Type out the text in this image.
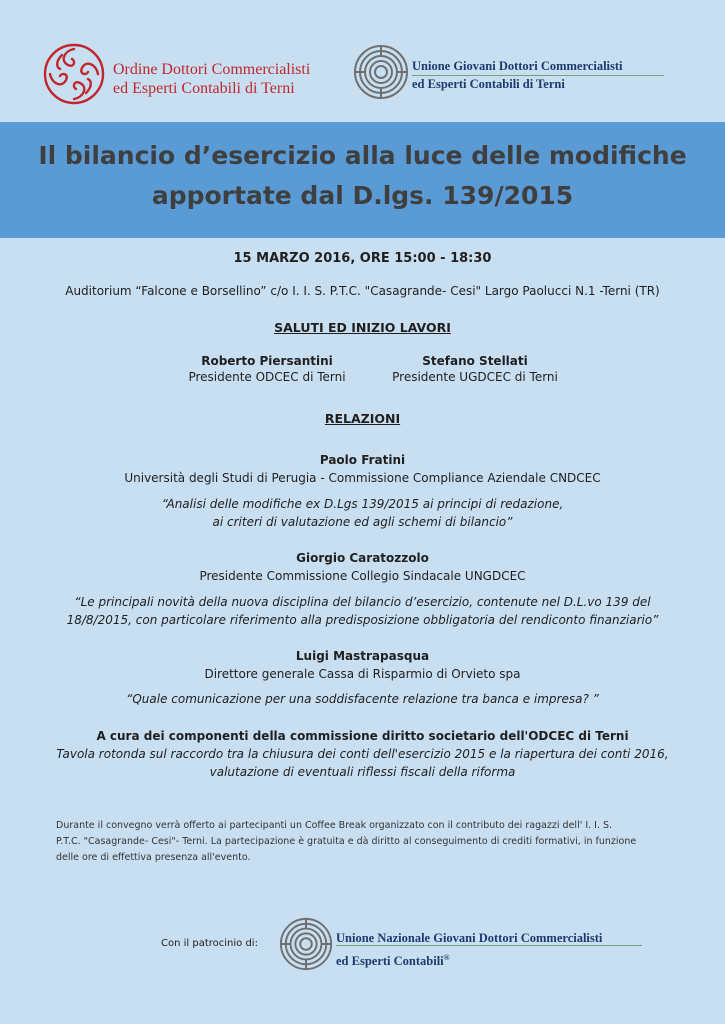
Ordine Dottori Commercialisti
ed Esperti Contabili di Terni
Unione Giovani Dottori Commercialisti
ed Esperti Contabili di Terni
Il bilancio d’esercizio alla luce delle modifiche
apportate dal D.lgs. 139/2015
15 MARZO 2016, ORE 15:00 - 18:30
Auditorium “Falcone e Borsellino” c/o I. I. S. P.T.C. "Casagrande- Cesi" Largo Paolucci N.1 -Terni (TR)
SALUTI ED INIZIO LAVORI
Roberto Piersantini
Presidente ODCEC di Terni
Stefano Stellati
Presidente UGDCEC di Terni
RELAZIONI
Paolo Fratini
Università degli Studi di Perugia - Commissione Compliance Aziendale CNDCEC
“Analisi delle modifiche ex D.Lgs 139/2015 ai principi di redazione,
ai criteri di valutazione ed agli schemi di bilancio”
Giorgio Caratozzolo
Presidente Commissione Collegio Sindacale UNGDCEC
“Le principali novità della nuova disciplina del bilancio d’esercizio, contenute nel D.L.vo 139 del
18/8/2015, con particolare riferimento alla predisposizione obbligatoria del rendiconto finanziario”
Luigi Mastrapasqua
Direttore generale Cassa di Risparmio di Orvieto spa
“Quale comunicazione per una soddisfacente relazione tra banca e impresa? ”
A cura dei componenti della commissione diritto societario dell'ODCEC di Terni
Tavola rotonda sul raccordo tra la chiusura dei conti dell'esercizio 2015 e la riapertura dei conti 2016,
valutazione di eventuali riflessi fiscali della riforma
Durante il convegno verrà offerto ai partecipanti un Coffee Break organizzato con il contributo dei ragazzi dell' I. I. S.
P.T.C. "Casagrande- Cesi"- Terni. La partecipazione è gratuita e dà diritto al conseguimento di crediti formativi, in funzione
delle ore di effettiva presenza all'evento.
Con il patrocinio di:	Unione Nazionale Giovani Dottori Commercialisti
ed Esperti Contabili®
